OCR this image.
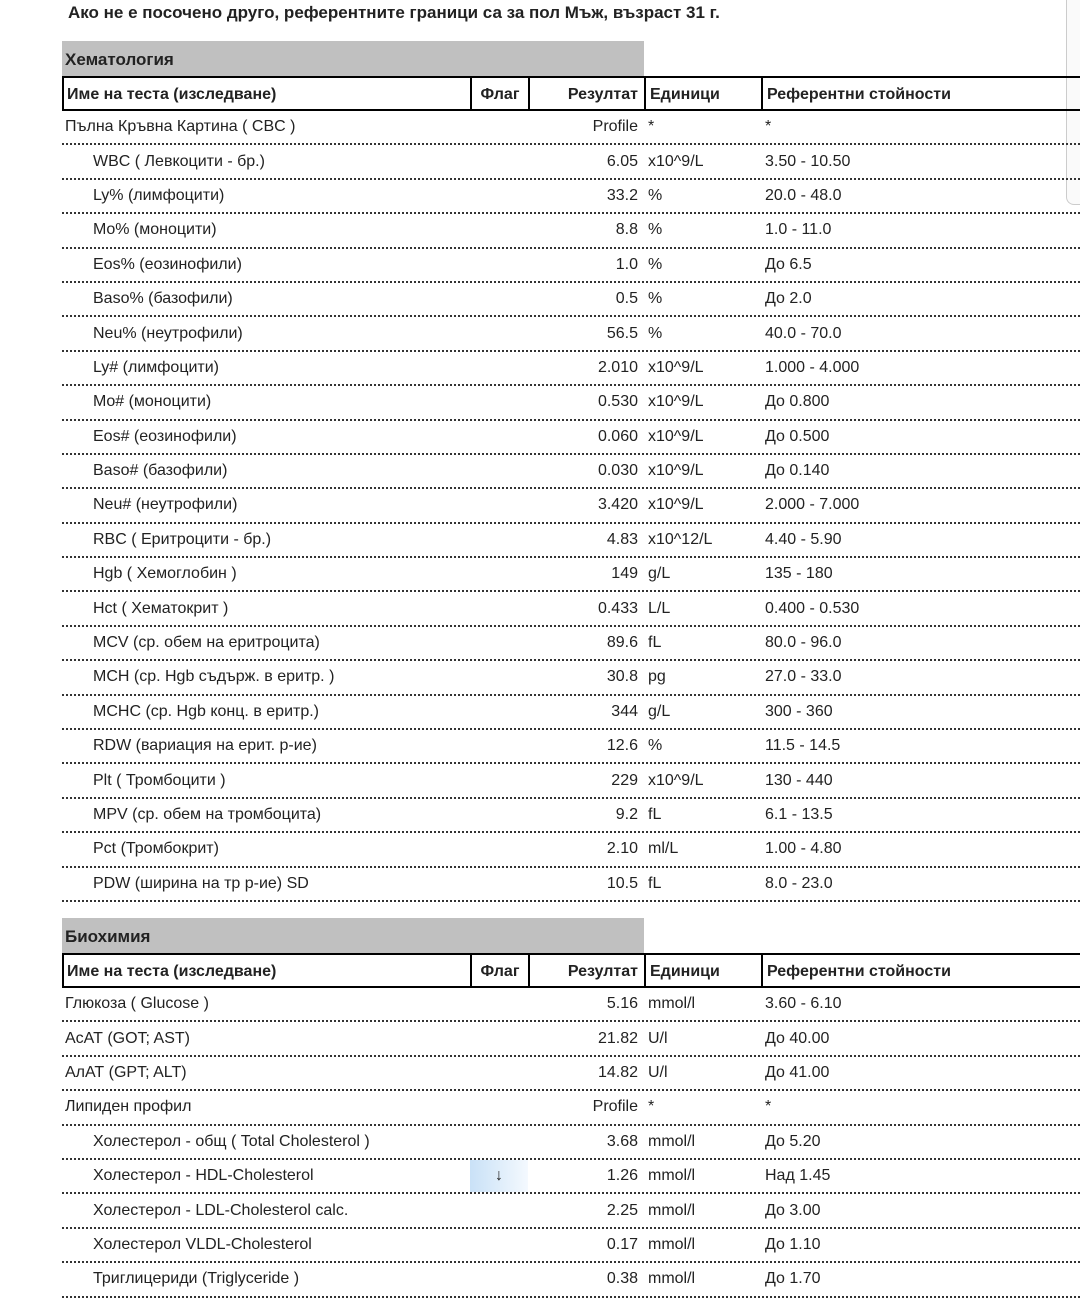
Ако не е посочено друго, референтните граници са за пол Мъж, възраст 31 г.
Хематология
Име на теста (изследване)	Флаг	Резултат Единици	Референтни стойности
Пълна Кръвна Картина ( CBC )	Profile *	*
WBC ( Левкоцити - бр.)	6.05 x10^9/L	3.50 - 10.50
Ly% (лимфоцити)	33.2 %	20.0 - 48.0
Mo% (моноцити)	8.8 %	1.0 - 11.0
Eos% (еозинофили)	1.0 %	До 6.5
Baso% (базофили)	0.5 %	До 2.0
Neu% (неутрофили)	56.5 %	40.0 - 70.0
Ly# (лимфоцити)	2.010 x10^9/L	1.000 - 4.000
Mo# (моноцити)	0.530 x10^9/L	До 0.800
Eos# (еозинофили)	0.060 x10^9/L	До 0.500
Baso# (базофили)	0.030 x10^9/L	До 0.140
Neu# (неутрофили)	3.420 x10^9/L	2.000 - 7.000
RBC ( Еритроцити - бр.)	4.83 x10^12/L	4.40 - 5.90
Hgb ( Хемоглобин )	149 g/L	135 - 180
Hct ( Хематокрит )	0.433 L/L	0.400 - 0.530
MCV (ср. обем на еритроцита)	89.6 fL	80.0 - 96.0
MCH (ср. Hgb съдърж. в еритр. )	30.8 pg	27.0 - 33.0
MCHC (ср. Hgb конц. в еритр.)	344 g/L	300 - 360
RDW (вариация на ерит. р-ие)	12.6 %	11.5 - 14.5
Plt ( Тромбоцити )	229 x10^9/L	130 - 440
MPV (ср. обем на тромбоцита)	9.2 fL	6.1 - 13.5
Pct (Тромбокрит)	2.10 ml/L	1.00 - 4.80
PDW (ширина на тр р-ие) SD	10.5 fL	8.0 - 23.0
Биохимия
Име на теста (изследване)	Флаг	Резултат Единици	Референтни стойности
Глюкоза ( Glucose )	5.16 mmol/l	3.60 - 6.10
АсАТ (GOT; AST)	21.82 U/l	До 40.00
АлАТ (GPT; ALT)	14.82 U/l	До 41.00
Липиден профил	Profile *	*
Холестерол - общ ( Total Cholesterol )	3.68 mmol/l	До 5.20
Холестерол - HDL-Cholesterol	↓	1.26 mmol/l	Над 1.45
Холестерол - LDL-Cholesterol calc.	2.25 mmol/l	До 3.00
Холестерол VLDL-Cholesterol	0.17 mmol/l	До 1.10
Триглицериди (Triglyceride )	0.38 mmol/l	До 1.70
